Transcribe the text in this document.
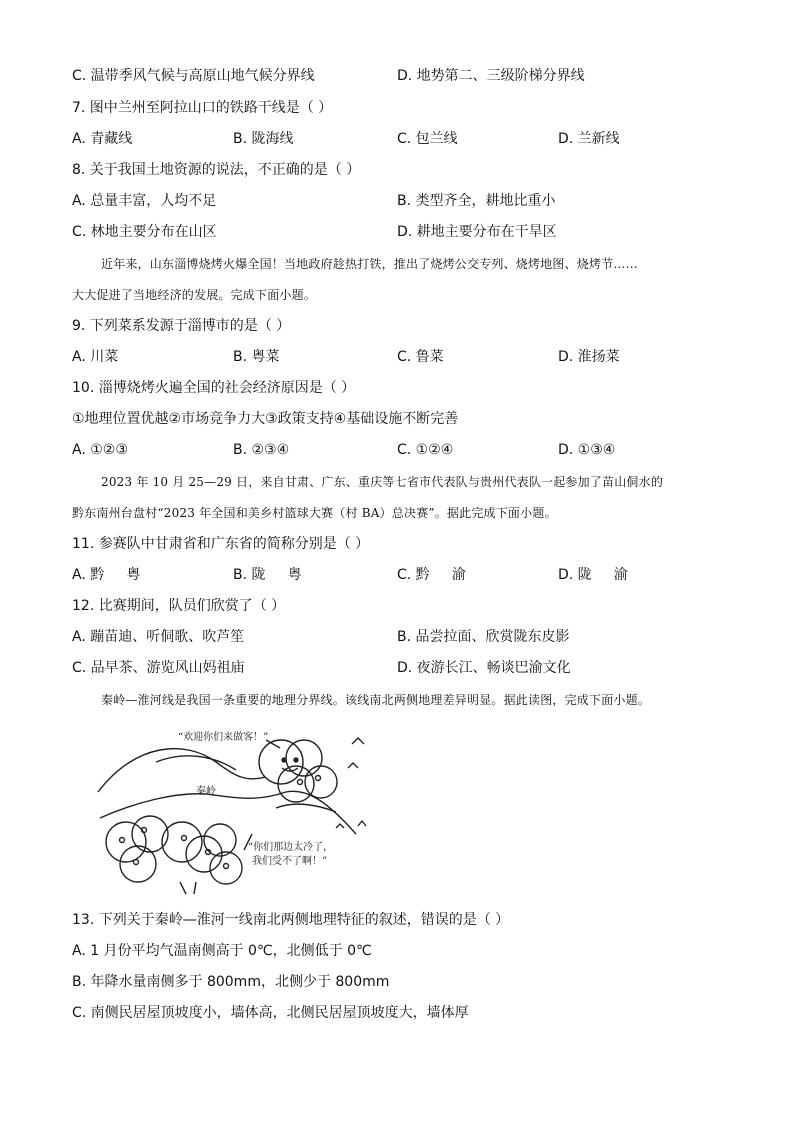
C. 温带季风气候与高原山地气候分界线	D. 地势第二、三级阶梯分界线
7. 图中兰州至阿拉山口的铁路干线是（ ）
A. 青藏线	B. 陇海线	C. 包兰线	D. 兰新线
8. 关于我国土地资源的说法，不正确的是（ ）
A. 总量丰富，人均不足	B. 类型齐全，耕地比重小
C. 林地主要分布在山区	D. 耕地主要分布在干旱区
近年来，山东淄博烧烤火爆全国！当地政府趁热打铁，推出了烧烤公交专列、烧烤地图、烧烤节……
大大促进了当地经济的发展。完成下面小题。
9. 下列菜系发源于淄博市的是（ ）
A. 川菜	B. 粤菜	C. 鲁菜	D. 淮扬菜
10. 淄博烧烤火遍全国的社会经济原因是（ ）
①地理位置优越②市场竞争力大③政策支持④基础设施不断完善
A. ①②③	B. ②③④	C. ①②④	D. ①③④
2023 年 10 月 25—29 日，来自甘肃、广东、重庆等七省市代表队与贵州代表队一起参加了苗山侗水的
黔东南州台盘村“2023 年全国和美乡村篮球大赛（村 BA）总决赛”。据此完成下面小题。
11. 参赛队中甘肃省和广东省的简称分别是（ ）
A. 黔     粤	B. 陇     粤	C. 黔     渝	D. 陇     渝
12. 比赛期间，队员们欣赏了（ ）
A. 蹦苗迪、听侗歌、吹芦笙	B. 品尝拉面、欣赏陇东皮影
C. 品早茶、游览风山妈祖庙	D. 夜游长江、畅谈巴渝文化
秦岭—淮河线是我国一条重要的地理分界线。该线南北两侧地理差异明显。据此读图，完成下面小题。
“欢迎你们来做客！”
秦岭
“你们那边太冷了，
我们受不了啊！”
13. 下列关于秦岭—淮河一线南北两侧地理特征的叙述，错误的是（ ）
A. 1 月份平均气温南侧高于 0℃，北侧低于 0℃
B. 年降水量南侧多于 800mm，北侧少于 800mm
C. 南侧民居屋顶坡度小，墙体高，北侧民居屋顶坡度大，墙体厚
